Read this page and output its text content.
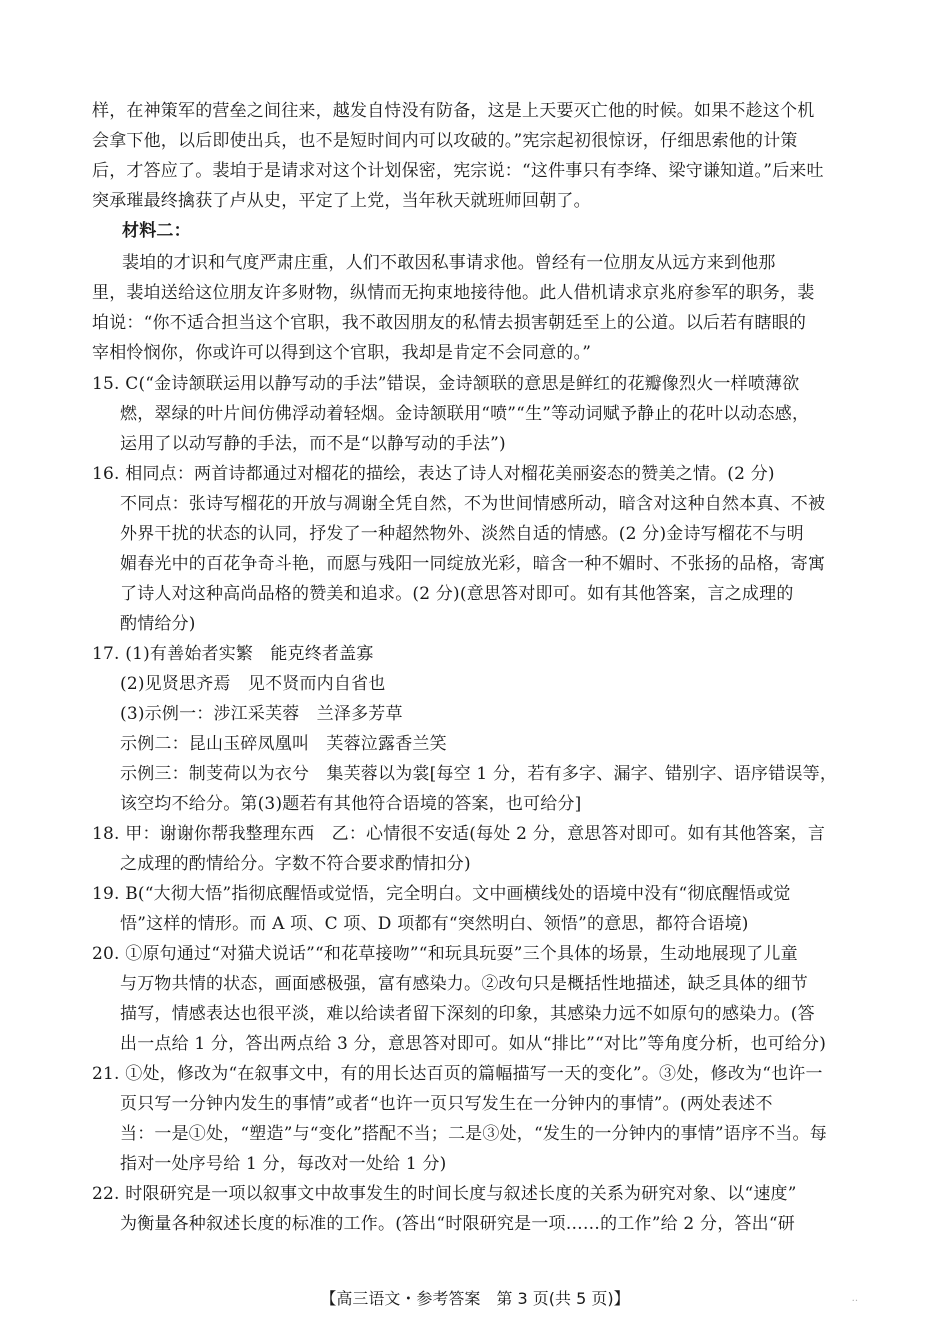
样，在神策军的营垒之间往来，越发自恃没有防备，这是上天要灭亡他的时候。如果不趁这个机
会拿下他，以后即使出兵，也不是短时间内可以攻破的。”宪宗起初很惊讶，仔细思索他的计策
后，才答应了。裴垍于是请求对这个计划保密，宪宗说：“这件事只有李绛、梁守谦知道。”后来吐
突承璀最终擒获了卢从史，平定了上党，当年秋天就班师回朝了。
材料二：
裴垍的才识和气度严肃庄重，人们不敢因私事请求他。曾经有一位朋友从远方来到他那
里，裴垍送给这位朋友许多财物，纵情而无拘束地接待他。此人借机请求京兆府参军的职务，裴
垍说：“你不适合担当这个官职，我不敢因朋友的私情去损害朝廷至上的公道。以后若有瞎眼的
宰相怜悯你，你或许可以得到这个官职，我却是肯定不会同意的。”
15. C(“金诗颔联运用以静写动的手法”错误，金诗颔联的意思是鲜红的花瓣像烈火一样喷薄欲
燃，翠绿的叶片间仿佛浮动着轻烟。金诗颔联用“喷”“生”等动词赋予静止的花叶以动态感，
运用了以动写静的手法，而不是“以静写动的手法”)
16. 相同点：两首诗都通过对榴花的描绘，表达了诗人对榴花美丽姿态的赞美之情。(2 分)
不同点：张诗写榴花的开放与凋谢全凭自然，不为世间情感所动，暗含对这种自然本真、不被
外界干扰的状态的认同，抒发了一种超然物外、淡然自适的情感。(2 分)金诗写榴花不与明
媚春光中的百花争奇斗艳，而愿与残阳一同绽放光彩，暗含一种不媚时、不张扬的品格，寄寓
了诗人对这种高尚品格的赞美和追求。(2 分)(意思答对即可。如有其他答案，言之成理的
酌情给分)
17. (1)有善始者实繁　能克终者盖寡
(2)见贤思齐焉　见不贤而内自省也
(3)示例一：涉江采芙蓉　兰泽多芳草
示例二：昆山玉碎凤凰叫　芙蓉泣露香兰笑
示例三：制芰荷以为衣兮　集芙蓉以为裳[每空 1 分，若有多字、漏字、错别字、语序错误等，
该空均不给分。第(3)题若有其他符合语境的答案，也可给分]
18. 甲：谢谢你帮我整理东西　乙：心情很不安适(每处 2 分，意思答对即可。如有其他答案，言
之成理的酌情给分。字数不符合要求酌情扣分)
19. B(“大彻大悟”指彻底醒悟或觉悟，完全明白。文中画横线处的语境中没有“彻底醒悟或觉
悟”这样的情形。而 A 项、C 项、D 项都有“突然明白、领悟”的意思，都符合语境)
20. ①原句通过“对猫犬说话”“和花草接吻”“和玩具玩耍”三个具体的场景，生动地展现了儿童
与万物共情的状态，画面感极强，富有感染力。②改句只是概括性地描述，缺乏具体的细节
描写，情感表达也很平淡，难以给读者留下深刻的印象，其感染力远不如原句的感染力。(答
出一点给 1 分，答出两点给 3 分，意思答对即可。如从“排比”“对比”等角度分析，也可给分)
21. ①处，修改为“在叙事文中，有的用长达百页的篇幅描写一天的变化”。③处，修改为“也许一
页只写一分钟内发生的事情”或者“也许一页只写发生在一分钟内的事情”。(两处表述不
当：一是①处，“塑造”与“变化”搭配不当；二是③处，“发生的一分钟内的事情”语序不当。每
指对一处序号给 1 分，每改对一处给 1 分)
22. 时限研究是一项以叙事文中故事发生的时间长度与叙述长度的关系为研究对象、以“速度”
为衡量各种叙述长度的标准的工作。(答出“时限研究是一项……的工作”给 2 分，答出“研
【高三语文・参考答案　第 3 页(共 5 页)】	..
